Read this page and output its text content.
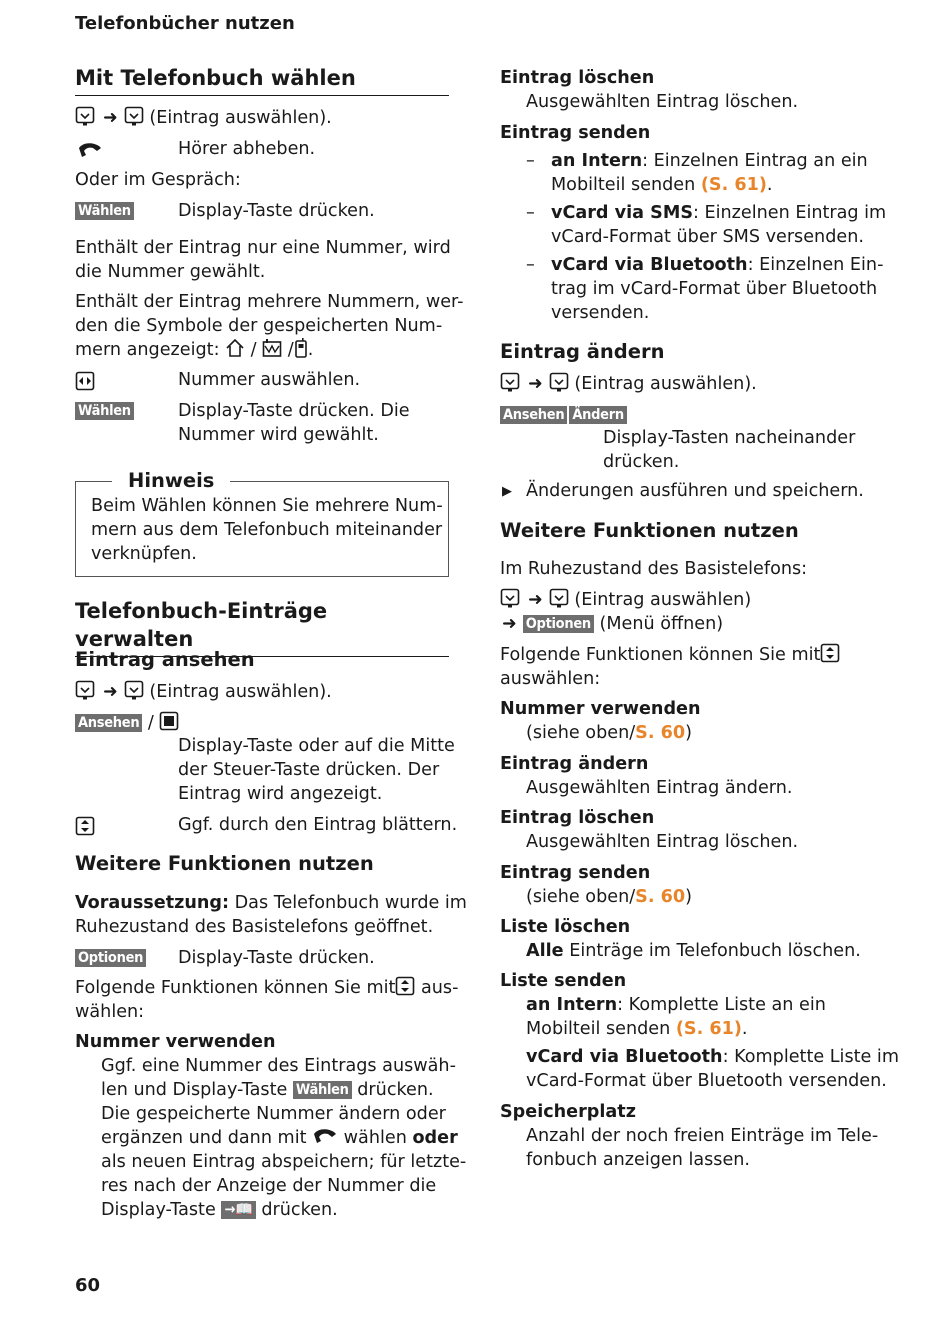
Telefonbücher nutzen
Mit Telefonbuch wählen
➜ (Eintrag auswählen).
Hörer abheben.
Oder im Gespräch:
Wählen	Display-Taste drücken.
Enthält der Eintrag nur eine Nummer, wird
die Nummer gewählt.
Enthält der Eintrag mehrere Nummern, wer-
den die Symbole der gespeicherten Num-
mern angezeigt:  /  / .
Nummer auswählen.
Wählen	Display-Taste drücken. Die
Nummer wird gewählt.
Hinweis
Beim Wählen können Sie mehrere Num-
mern aus dem Telefonbuch miteinander
verknüpfen.
Telefonbuch-Einträge verwalten
Eintrag ansehen
➜ (Eintrag auswählen).
Ansehen /
Display-Taste oder auf die Mitte
der Steuer-Taste drücken. Der
Eintrag wird angezeigt.
Ggf. durch den Eintrag blättern.
Weitere Funktionen nutzen
Voraussetzung: Das Telefonbuch wurde im
Ruhezustand des Basistelefons geöffnet.
Optionen Display-Taste drücken.
Folgende Funktionen können Sie mit aus-
wählen:
Nummer verwenden
Ggf. eine Nummer des Eintrags auswäh-
len und Display-Taste Wählen drücken.
Die gespeicherte Nummer ändern oder
ergänzen und dann mit wählen oder
als neuen Eintrag abspeichern; für letzte-
res nach der Anzeige der Nummer die
Display-Taste →📖 drücken.
Eintrag löschen
Ausgewählten Eintrag löschen.
Eintrag senden
– an Intern: Einzelnen Eintrag an ein
Mobilteil senden (S. 61).
– vCard via SMS: Einzelnen Eintrag im
vCard-Format über SMS versenden.
– vCard via Bluetooth: Einzelnen Ein-
trag im vCard-Format über Bluetooth
versenden.
Eintrag ändern
➜ (Eintrag auswählen).
Ansehen Ändern
Display-Tasten nacheinander
drücken.
▶ Änderungen ausführen und speichern.
Weitere Funktionen nutzen
Im Ruhezustand des Basistelefons:
➜ (Eintrag auswählen)
➜ Optionen (Menü öffnen)
Folgende Funktionen können Sie mit
auswählen:
Nummer verwenden
(siehe oben/S. 60)
Eintrag ändern
Ausgewählten Eintrag ändern.
Eintrag löschen
Ausgewählten Eintrag löschen.
Eintrag senden
(siehe oben/S. 60)
Liste löschen
Alle Einträge im Telefonbuch löschen.
Liste senden
an Intern: Komplette Liste an ein
Mobilteil senden (S. 61).
vCard via Bluetooth: Komplette Liste im
vCard-Format über Bluetooth versenden.
Speicherplatz
Anzahl der noch freien Einträge im Tele-
fonbuch anzeigen lassen.
60
